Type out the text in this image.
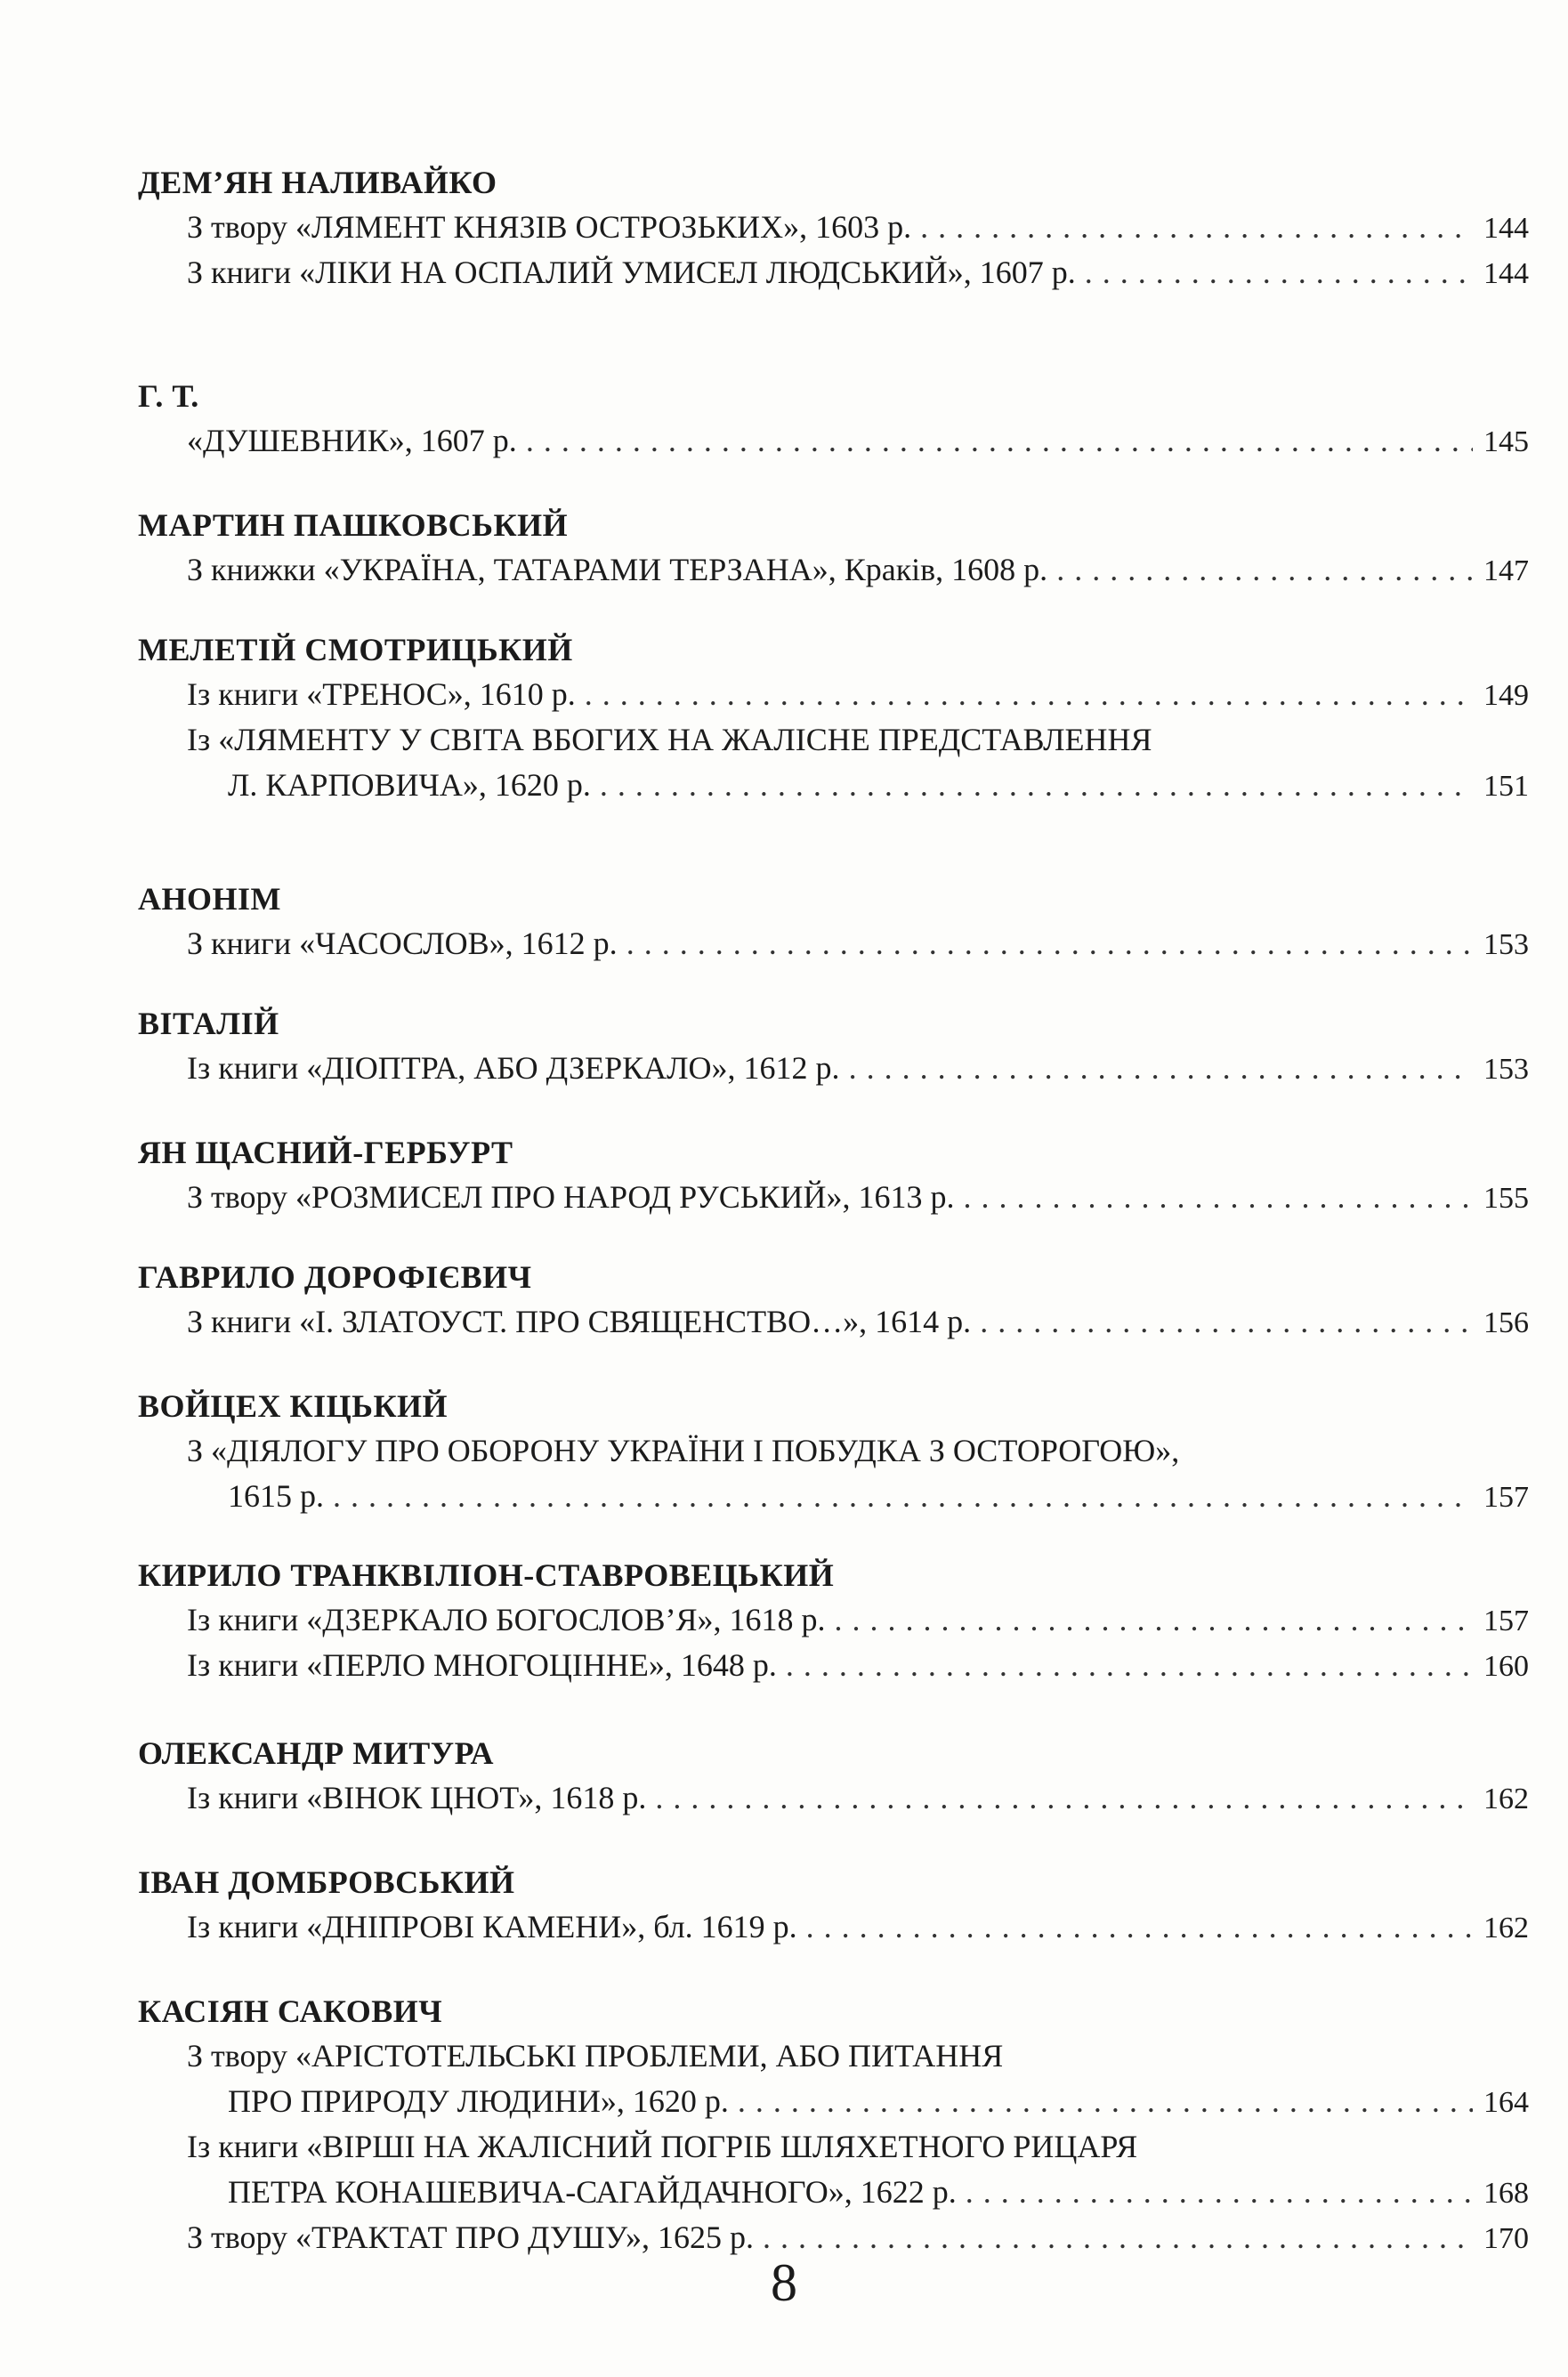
ДЕМ’ЯН НАЛИВАЙКО
З твору «ЛЯМЕНТ КНЯЗІВ ОСТРОЗЬКИХ», 1603 р. . . .	144
З книги «ЛІКИ НА ОСПАЛИЙ УМИСЕЛ ЛЮДСЬКИЙ», 1607 р. . . .	144
Г. Т.
«ДУШЕВНИК», 1607 р. . . .	145
МАРТИН ПАШКОВСЬКИЙ
З книжки «УКРАЇНА, ТАТАРАМИ ТЕРЗАНА», Краків, 1608 р. . . .	147
МЕЛЕТІЙ СМОТРИЦЬКИЙ
Із книги «ТРЕНОС», 1610 р. . . .	149
Із «ЛЯМЕНТУ У СВІТА ВБОГИХ НА ЖАЛІСНЕ ПРЕДСТАВЛЕННЯ
Л. КАРПОВИЧА», 1620 р. . . .	151
АНОНІМ
З книги «ЧАСОСЛОВ», 1612 р. . . .	153
ВІТАЛІЙ
Із книги «ДІОПТРА, АБО ДЗЕРКАЛО», 1612 р. . . .	153
ЯН ЩАСНИЙ-ГЕРБУРТ
З твору «РОЗМИСЕЛ ПРО НАРОД РУСЬКИЙ», 1613 р. . . .	155
ГАВРИЛО ДОРОФІЄВИЧ
З книги «І. ЗЛАТОУСТ. ПРО СВЯЩЕНСТВО…», 1614 р. . . .	156
ВОЙЦЕХ КІЦЬКИЙ
З «ДІЯЛОГУ ПРО ОБОРОНУ УКРАЇНИ І ПОБУДКА З ОСТОРОГОЮ»,
1615 р. . . .	157
КИРИЛО ТРАНКВІЛІОН-СТАВРОВЕЦЬКИЙ
Із книги «ДЗЕРКАЛО БОГОСЛОВ’Я», 1618 р. . . .	157
Із книги «ПЕРЛО МНОГОЦІННЕ», 1648 р. . . .	160
ОЛЕКСАНДР МИТУРА
Із книги «ВІНОК ЦНОТ», 1618 р. . . .	162
ІВАН ДОМБРОВСЬКИЙ
Із книги «ДНІПРОВІ КАМЕНИ», бл. 1619 р. . . .	162
КАСІЯН САКОВИЧ
З твору «АРІСТОТЕЛЬСЬКІ ПРОБЛЕМИ, АБО ПИТАННЯ
ПРО ПРИРОДУ ЛЮДИНИ», 1620 р. . . .	164
Із книги «ВІРШІ НА ЖАЛІСНИЙ ПОГРІБ ШЛЯХЕТНОГО РИЦАРЯ
ПЕТРА КОНАШЕВИЧА-САГАЙДАЧНОГО», 1622 р. . . .	168
З твору «ТРАКТАТ ПРО ДУШУ», 1625 р. . . .	170
8
